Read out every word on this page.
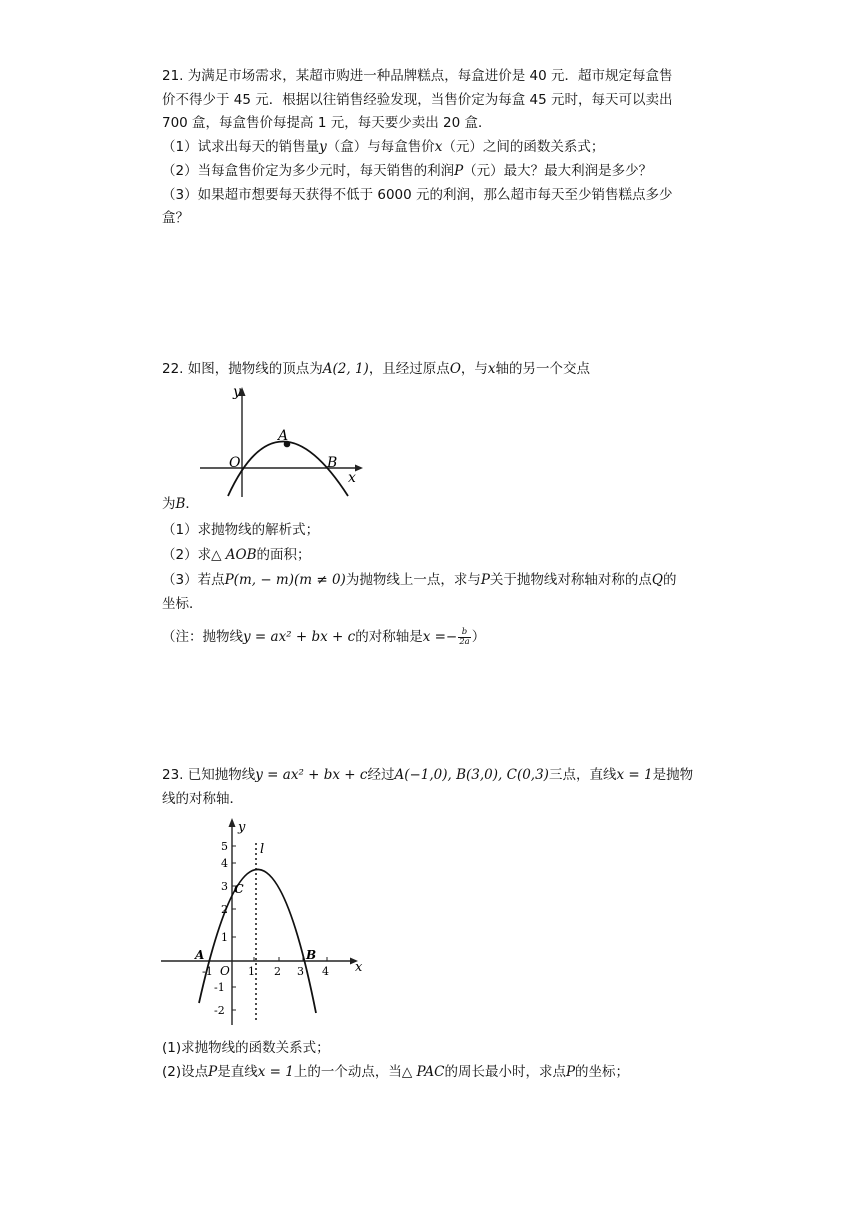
21. 为满足市场需求，某超市购进一种品牌糕点，每盒进价是 40 元．超市规定每盒售
价不得少于 45 元．根据以往销售经验发现，当售价定为每盒 45 元时，每天可以卖出
700 盒，每盒售价每提高 1 元，每天要少卖出 20 盒．
（1）试求出每天的销售量y（盒）与每盒售价x（元）之间的函数关系式；
（2）当每盒售价定为多少元时，每天销售的利润P（元）最大？最大利润是多少？
（3）如果超市想要每天获得不低于 6000 元的利润，那么超市每天至少销售糕点多少
盒？
22. 如图，抛物线的顶点为A(2, 1)，且经过原点O，与x轴的另一个交点
y
x
A
O	B
为B．
（1）求抛物线的解析式；
（2）求△ AOB的面积；
（3）若点P(m, − m)(m ≠ 0)为抛物线上一点，求与P关于抛物线对称轴对称的点Q的
坐标．
（注：抛物线y = ax² + bx + c的对称轴是$x =- \frac{b}{2a}$ ）
23. 已知抛物线y = ax² + bx + c经过A(−1,0), B(3,0), C(0,3)三点，直线x = 1是抛物
线的对称轴．
y
x
l
A	B
C
O
5
4
3
2
1
-1
-2
-1	1 2 3 4
(1)求抛物线的函数关系式；
(2)设点P是直线x = 1上的一个动点，当△ PAC的周长最小时，求点P的坐标；
